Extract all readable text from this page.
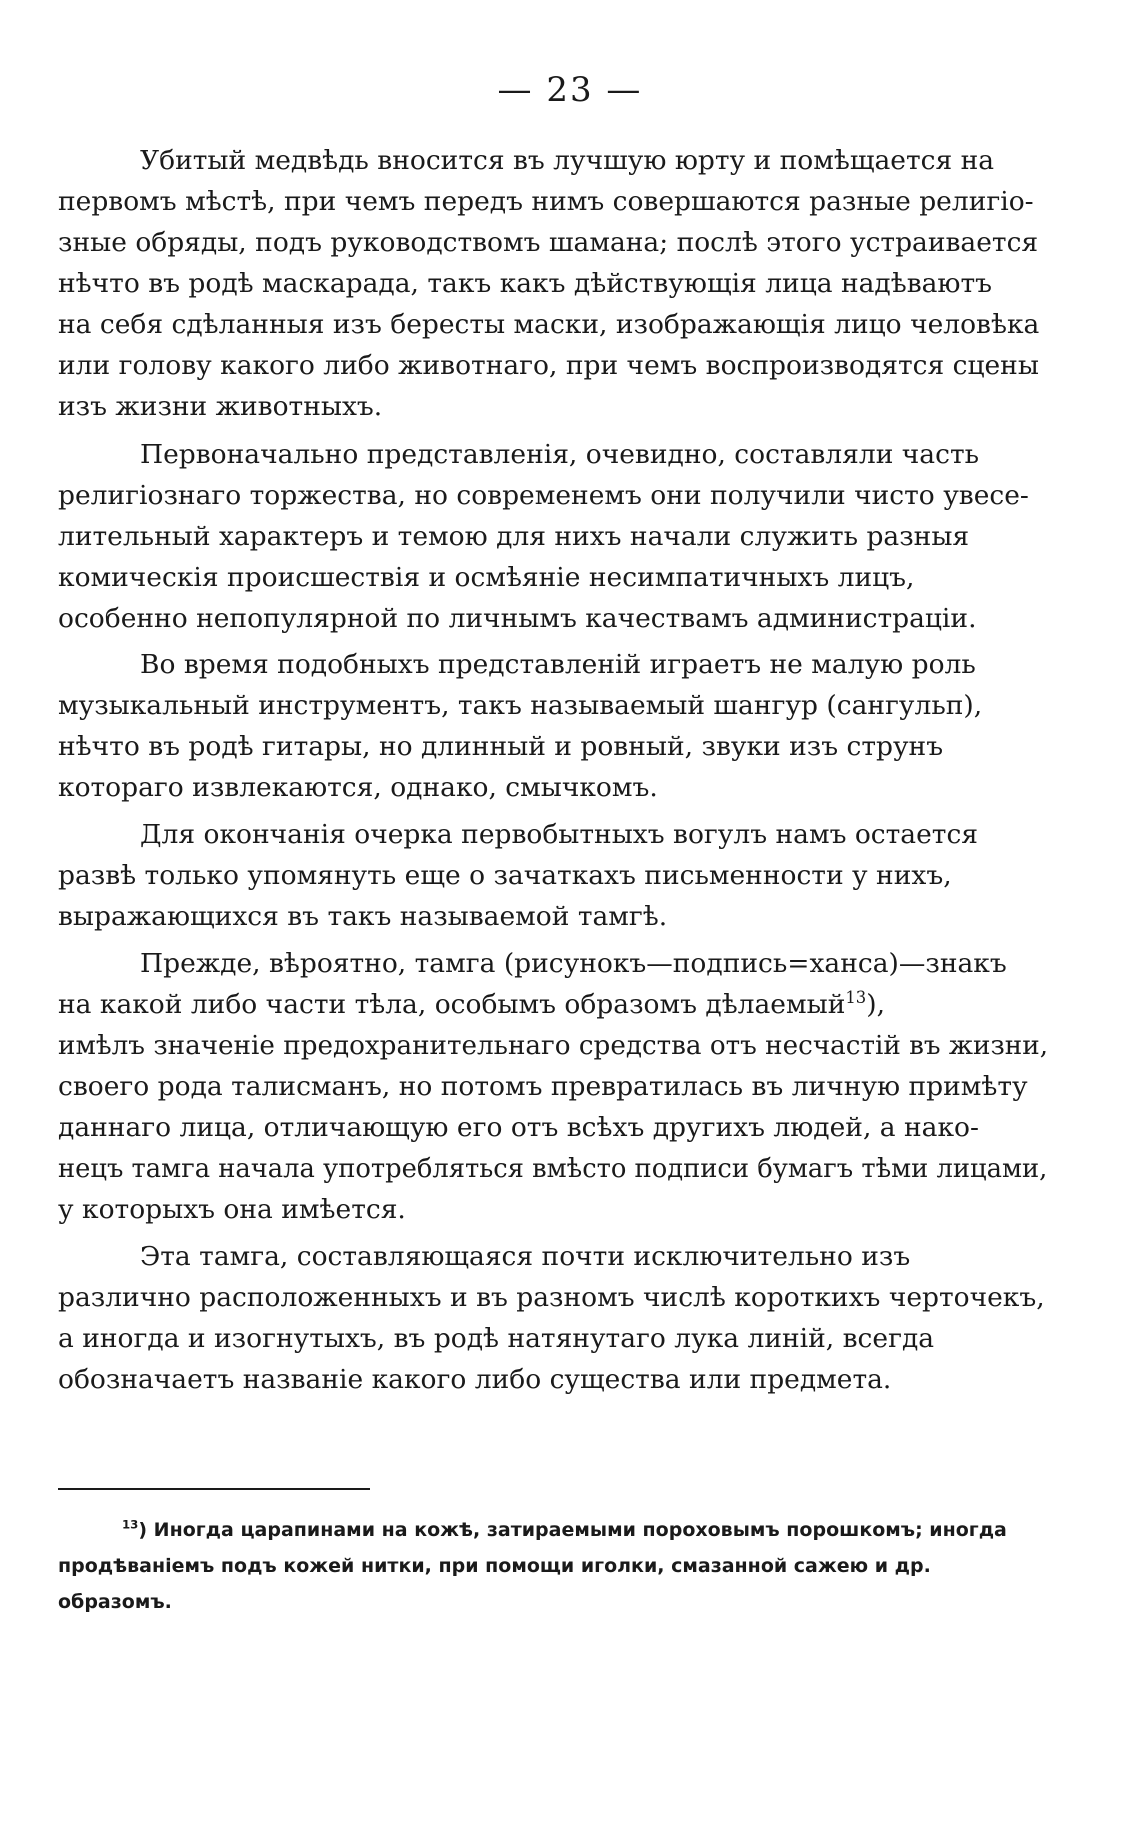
— 23 —

Убитый медвѣдь вносится въ лучшую юрту и помѣщается на
первомъ мѣстѣ, при чемъ передъ нимъ совершаются разные религіо-
зные обряды, подъ руководствомъ шамана; послѣ этого устраивается
нѣчто въ родѣ маскарада, такъ какъ дѣйствующія лица надѣваютъ
на себя сдѣланныя изъ бересты маски, изображающія лицо человѣка
или голову какого либо животнаго, при чемъ воспроизводятся сцены
изъ жизни животныхъ.

Первоначально представленія, очевидно, составляли часть
религіознаго торжества, но современемъ они получили чисто увесе-
лительный характеръ и темою для нихъ начали служить разныя
комическія происшествія и осмѣяніе несимпатичныхъ лицъ,
особенно непопулярной по личнымъ качествамъ администраціи.

Во время подобныхъ представленій играетъ не малую роль
музыкальный инструментъ, такъ называемый шангур (сангульп),
нѣчто въ родѣ гитары, но длинный и ровный, звуки изъ струнъ
котораго извлекаются, однако, смычкомъ.

Для окончанія очерка первобытныхъ вогулъ намъ остается
развѣ только упомянуть еще о зачаткахъ письменности у нихъ,
выражающихся въ такъ называемой тамгѣ.

Прежде, вѣроятно, тамга (рисунокъ—подпись=ханса)—знакъ
на какой либо части тѣла, особымъ образомъ дѣлаемый$^{13}$),
имѣлъ значеніе предохранительнаго средства отъ несчастій въ жизни,
своего рода талисманъ, но потомъ превратилась въ личную примѣту
даннаго лица, отличающую его отъ всѣхъ другихъ людей, а нако-
нецъ тамга начала употребляться вмѣсто подписи бумагъ тѣми лицами,
у которыхъ она имѣется.

Эта тамга, составляющаяся почти исключительно изъ
различно расположенныхъ и въ разномъ числѣ короткихъ черточекъ,
а иногда и изогнутыхъ, въ родѣ натянутаго лука линій, всегда
обозначаетъ названіе какого либо существа или предмета.

$^{13}$) Иногда царапинами на кожѣ, затираемыми пороховымъ порошкомъ; иногда
продѣваніемъ подъ кожей нитки, при помощи иголки, смазанной сажею и др.
образомъ.
